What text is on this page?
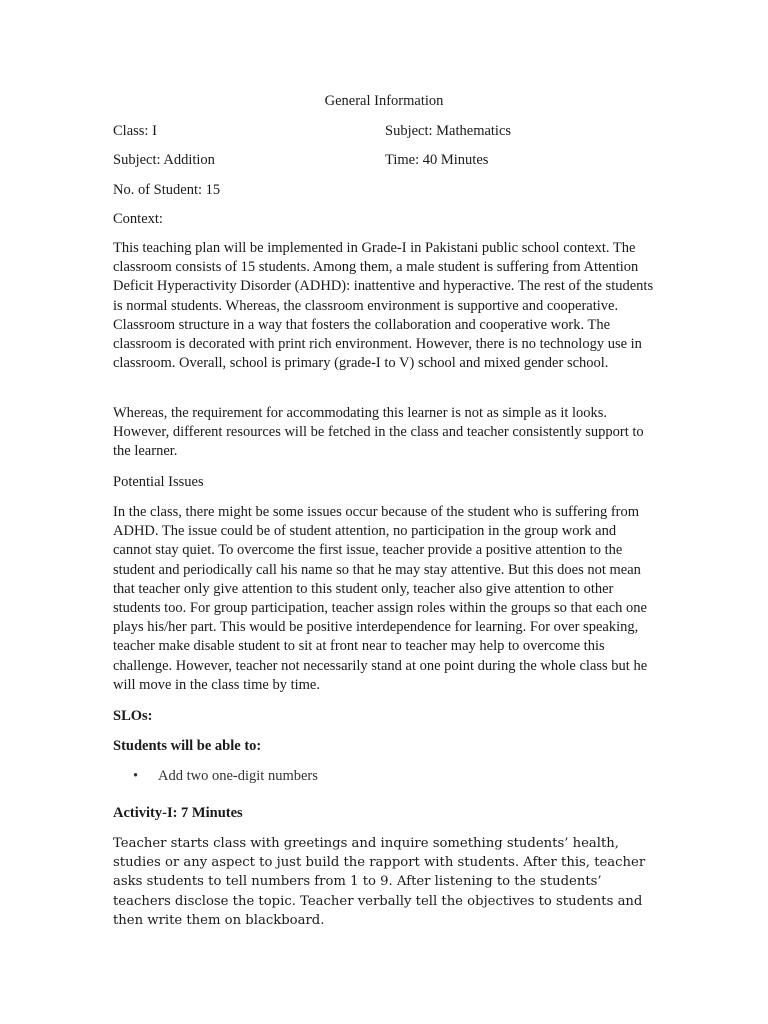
General Information
Class: I	Subject: Mathematics
Subject: Addition	Time: 40 Minutes
No. of Student: 15
Context:

This teaching plan will be implemented in Grade-I in Pakistani public school context. The classroom consists of 15 students. Among them, a male student is suffering from Attention Deficit Hyperactivity Disorder (ADHD): inattentive and hyperactive. The rest of the students is normal students. Whereas, the classroom environment is supportive and cooperative. Classroom structure in a way that fosters the collaboration and cooperative work. The classroom is decorated with print rich environment. However, there is no technology use in classroom. Overall, school is primary (grade-I to V) school and mixed gender school.

Whereas, the requirement for accommodating this learner is not as simple as it looks. However, different resources will be fetched in the class and teacher consistently support to the learner.

Potential Issues

In the class, there might be some issues occur because of the student who is suffering from ADHD. The issue could be of student attention, no participation in the group work and cannot stay quiet. To overcome the first issue, teacher provide a positive attention to the student and periodically call his name so that he may stay attentive. But this does not mean that teacher only give attention to this student only, teacher also give attention to other students too. For group participation, teacher assign roles within the groups so that each one plays his/her part. This would be positive interdependence for learning. For over speaking, teacher make disable student to sit at front near to teacher may help to overcome this challenge. However, teacher not necessarily stand at one point during the whole class but he will move in the class time by time.

SLOs:
Students will be able to:
• Add two one-digit numbers
Activity-I: 7 Minutes

Teacher starts class with greetings and inquire something students’ health, studies or any aspect to just build the rapport with students. After this, teacher asks students to tell numbers from 1 to 9. After listening to the students’ teachers disclose the topic. Teacher verbally tell the objectives to students and then write them on blackboard.
